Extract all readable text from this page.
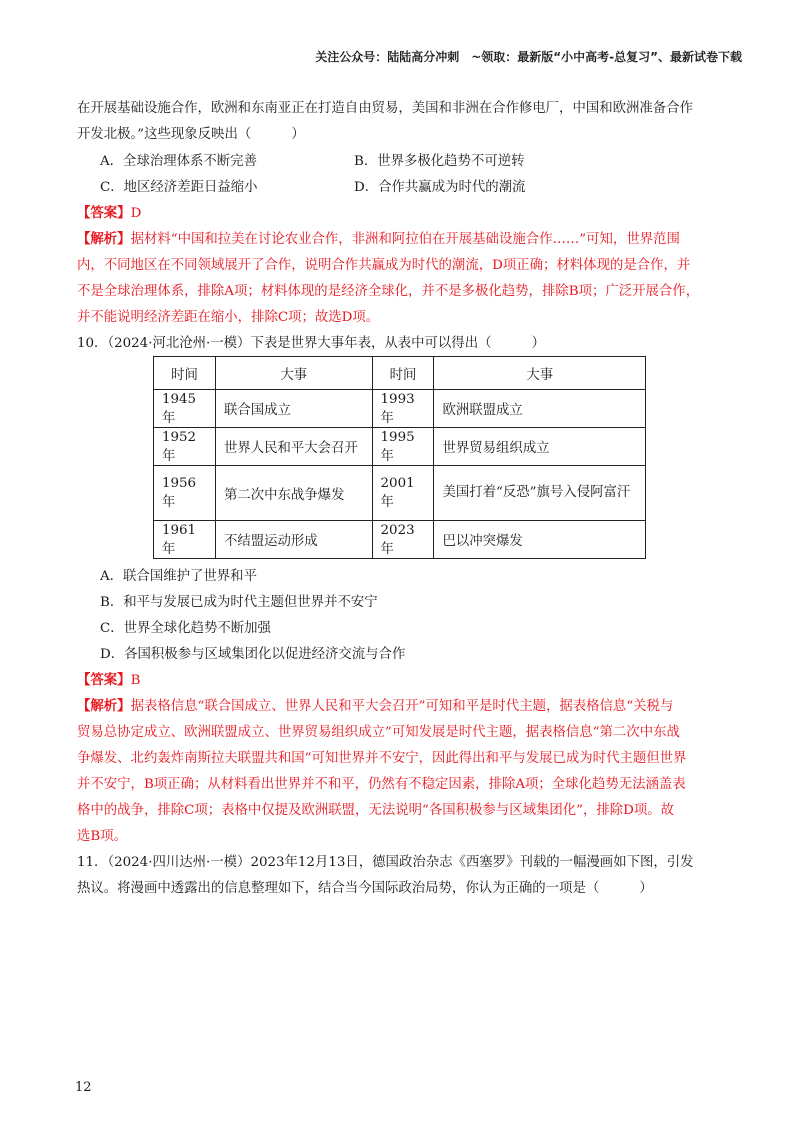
关注公众号：陆陆高分冲刺　~领取：最新版“小中高考-总复习”、最新试卷下载
在开展基础设施合作，欧洲和东南亚正在打造自由贸易，美国和非洲在合作修电厂，中国和欧洲准备合作
开发北极。”这些现象反映出（　　　）
A．全球治理体系不断完善	B．世界多极化趋势不可逆转
C．地区经济差距日益缩小	D．合作共赢成为时代的潮流
【答案】D
【解析】据材料“中国和拉美在讨论农业合作，非洲和阿拉伯在开展基础设施合作……”可知，世界范围
内，不同地区在不同领域展开了合作，说明合作共赢成为时代的潮流，D项正确；材料体现的是合作，并
不是全球治理体系，排除A项；材料体现的是经济全球化，并不是多极化趋势，排除B项；广泛开展合作，
并不能说明经济差距在缩小，排除C项；故选D项。
10．（2024·河北沧州·一模）下表是世界大事年表，从表中可以得出（　　　）
时间	大事	时间	大事
1945年	联合国成立	1993年	欧洲联盟成立
1952年	世界人民和平大会召开	1995年	世界贸易组织成立
1956年	第二次中东战争爆发	2001年	美国打着“反恐”旗号入侵阿富汗
1961年	不结盟运动形成	2023年	巴以冲突爆发
A．联合国维护了世界和平
B．和平与发展已成为时代主题但世界并不安宁
C．世界全球化趋势不断加强
D．各国积极参与区域集团化以促进经济交流与合作
【答案】B
【解析】据表格信息“联合国成立、世界人民和平大会召开”可知和平是时代主题，据表格信息“关税与
贸易总协定成立、欧洲联盟成立、世界贸易组织成立”可知发展是时代主题，据表格信息“第二次中东战
争爆发、北约轰炸南斯拉夫联盟共和国”可知世界并不安宁，因此得出和平与发展已成为时代主题但世界
并不安宁，B项正确；从材料看出世界并不和平，仍然有不稳定因素，排除A项；全球化趋势无法涵盖表
格中的战争，排除C项；表格中仅提及欧洲联盟，无法说明“各国积极参与区域集团化”，排除D项。故
选B项。
11．（2024·四川达州·一模）2023年12月13日，德国政治杂志《西塞罗》刊载的一幅漫画如下图，引发
热议。将漫画中透露出的信息整理如下，结合当今国际政治局势，你认为正确的一项是（　　　）
12
